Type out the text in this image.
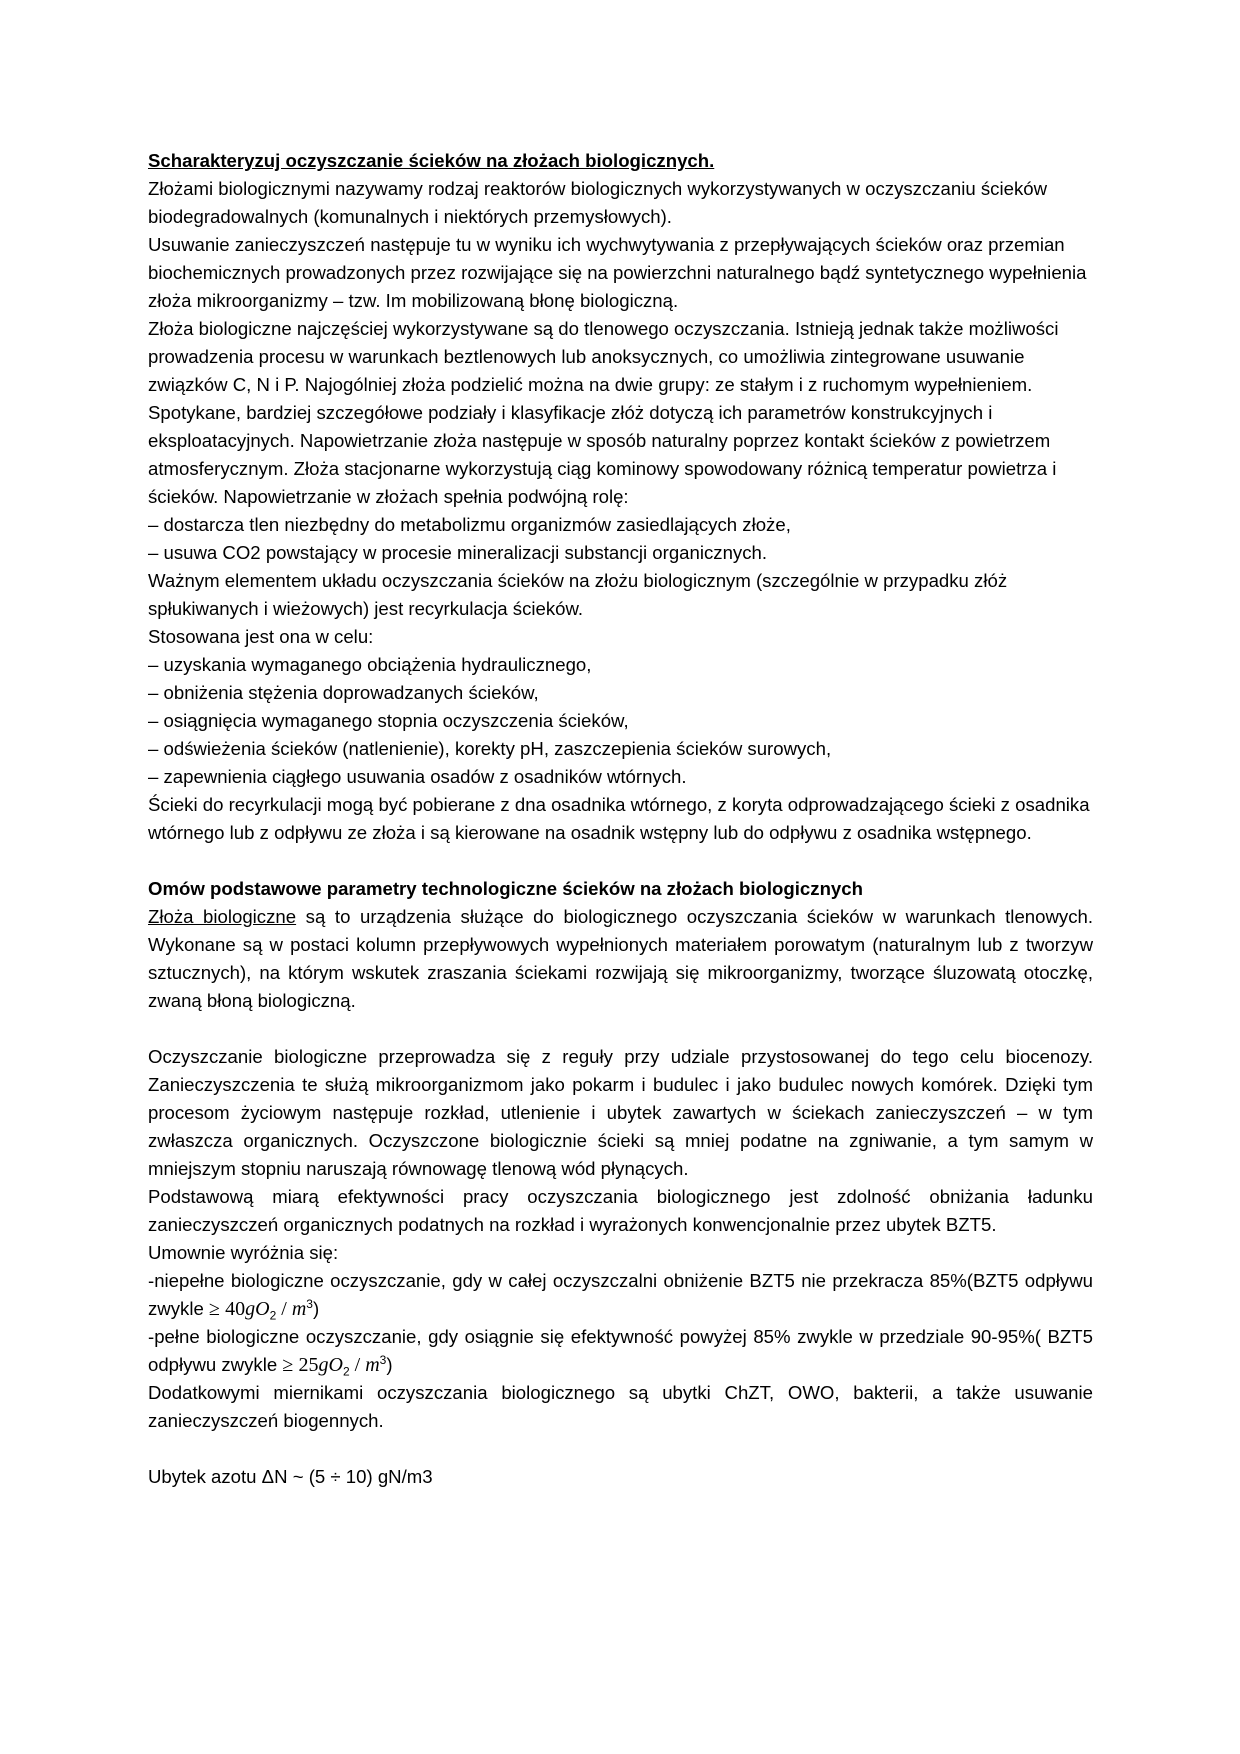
Scharakteryzuj oczyszczanie ścieków na złożach biologicznych.

Złożami biologicznymi nazywamy rodzaj reaktorów biologicznych wykorzystywanych w oczyszczaniu ścieków biodegradowalnych (komunalnych i niektórych przemysłowych).

Usuwanie zanieczyszczeń następuje tu w wyniku ich wychwytywania z przepływających ścieków oraz przemian biochemicznych prowadzonych przez rozwijające się na powierzchni naturalnego bądź syntetycznego wypełnienia złoża mikroorganizmy – tzw. Im mobilizowaną błonę biologiczną.

Złoża biologiczne najczęściej wykorzystywane są do tlenowego oczyszczania. Istnieją jednak także możliwości prowadzenia procesu w warunkach beztlenowych lub anoksycznych, co umożliwia zintegrowane usuwanie związków C, N i P. Najogólniej złoża podzielić można na dwie grupy: ze stałym i z ruchomym wypełnieniem. Spotykane, bardziej szczegółowe podziały i klasyfikacje złóż dotyczą ich parametrów konstrukcyjnych i eksploatacyjnych. Napowietrzanie złoża następuje w sposób naturalny poprzez kontakt ścieków z powietrzem atmosferycznym. Złoża stacjonarne wykorzystują ciąg kominowy spowodowany różnicą temperatur powietrza i ścieków. Napowietrzanie w złożach spełnia podwójną rolę:

– dostarcza tlen niezbędny do metabolizmu organizmów zasiedlających złoże,

– usuwa CO2 powstający w procesie mineralizacji substancji organicznych.

Ważnym elementem układu oczyszczania ścieków na złożu biologicznym (szczególnie w przypadku złóż spłukiwanych i wieżowych) jest recyrkulacja ścieków.

Stosowana jest ona w celu:

– uzyskania wymaganego obciążenia hydraulicznego,

– obniżenia stężenia doprowadzanych ścieków,

– osiągnięcia wymaganego stopnia oczyszczenia ścieków,

– odświeżenia ścieków (natlenienie), korekty pH, zaszczepienia ścieków surowych,

– zapewnienia ciągłego usuwania osadów z osadników wtórnych.

Ścieki do recyrkulacji mogą być pobierane z dna osadnika wtórnego, z koryta odprowadzającego ścieki z osadnika wtórnego lub z odpływu ze złoża i są kierowane na osadnik wstępny lub do odpływu z osadnika wstępnego.

Omów podstawowe parametry technologiczne ścieków na złożach biologicznych

Złoża biologiczne są to urządzenia służące do biologicznego oczyszczania ścieków w warunkach tlenowych. Wykonane są w postaci kolumn przepływowych wypełnionych materiałem porowatym (naturalnym lub z tworzyw sztucznych), na którym wskutek zraszania ściekami rozwijają się mikroorganizmy, tworzące śluzowatą otoczkę, zwaną błoną biologiczną.

Oczyszczanie biologiczne przeprowadza się z reguły przy udziale przystosowanej do tego celu biocenozy. Zanieczyszczenia te służą mikroorganizmom jako pokarm i budulec i jako budulec nowych komórek. Dzięki tym procesom życiowym następuje rozkład, utlenienie i ubytek zawartych w ściekach zanieczyszczeń – w tym zwłaszcza organicznych. Oczyszczone biologicznie ścieki są mniej podatne na zgniwanie, a tym samym w mniejszym stopniu naruszają równowagę tlenową wód płynących.

Podstawową miarą efektywności pracy oczyszczania biologicznego jest zdolność obniżania ładunku zanieczyszczeń organicznych podatnych na rozkład i wyrażonych konwencjonalnie przez ubytek BZT5.

Umownie wyróżnia się:

-niepełne biologiczne oczyszczanie, gdy w całej oczyszczalni obniżenie BZT5 nie przekracza 85%(BZT5 odpływu zwykle ≥ $40gO_2 / m^3$)

-pełne biologiczne oczyszczanie, gdy osiągnie się efektywność powyżej 85% zwykle w przedziale 90-95%( BZT5 odpływu zwykle ≥ $25gO_2 / m^3$)

Dodatkowymi miernikami oczyszczania biologicznego są ubytki ChZT, OWO, bakterii, a także usuwanie zanieczyszczeń biogennych.

Ubytek azotu ΔN ~ (5 ÷ 10) gN/m3
